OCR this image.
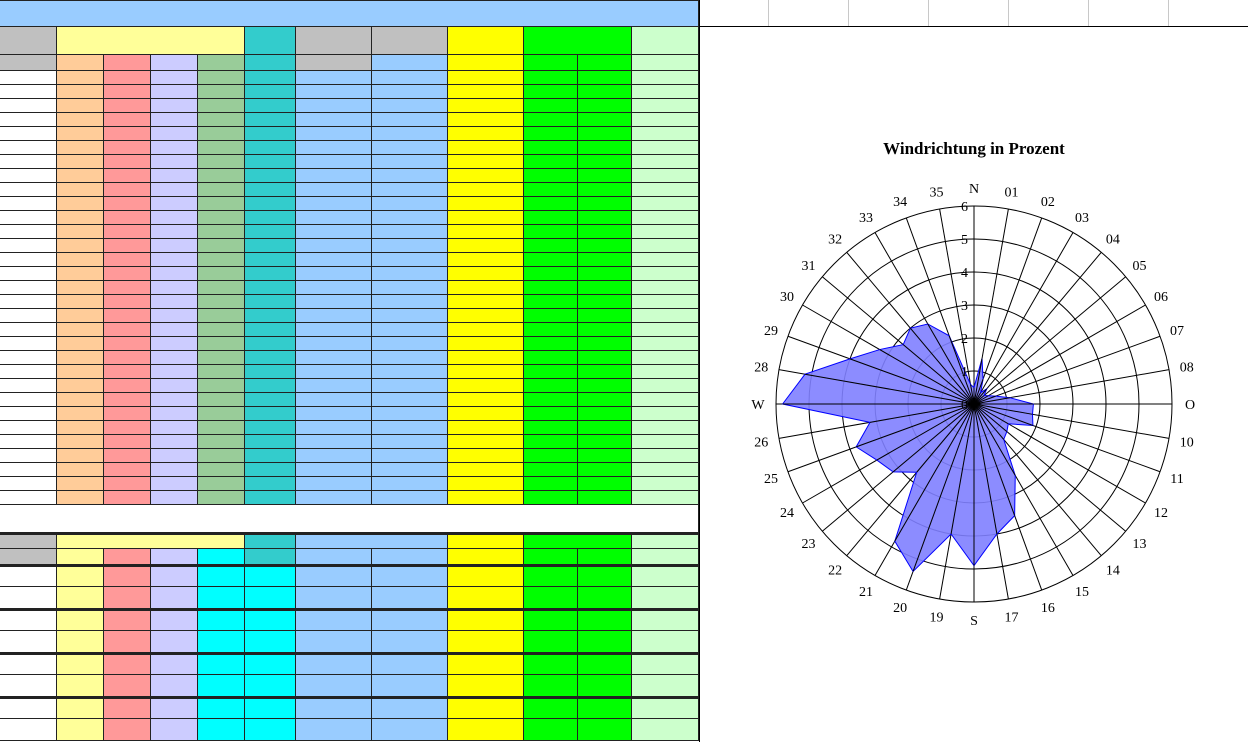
Windrichtung in Prozent
0
1
2
3
4
5
6
N 01
02
03
04
05
06
07
08
O
10
11
12
13
14
15
16
17
S
19
20
21
22
23
24
25
26
W
28
29
30
31
32
33
34
35
